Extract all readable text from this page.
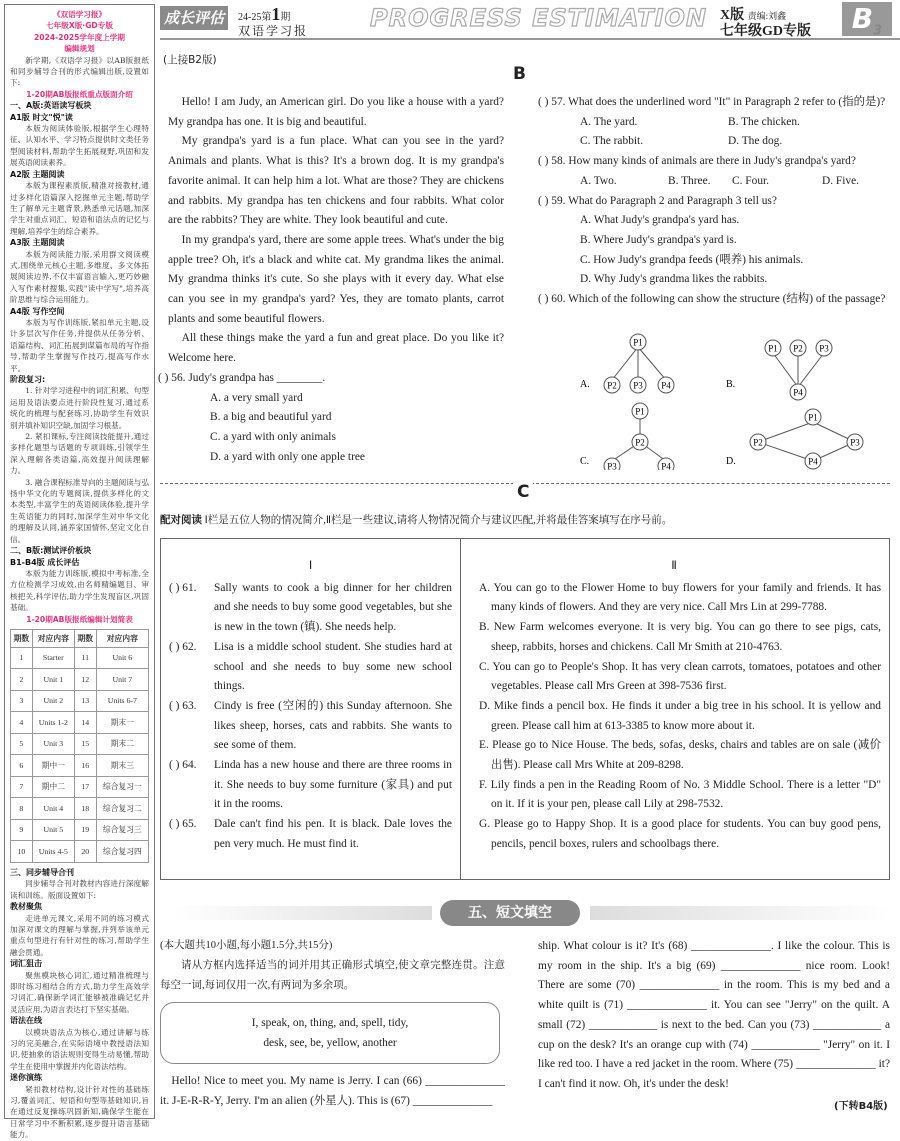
《双语学习报》
七年级X版·GD专版
2024-2025学年度上学期
编辑规划

新学期,《双语学习报》以AB版报纸和同步辅导合刊的形式编辑出版,设置如下:

1-20期AB版报纸重点版面介绍
一、A版:英语读写板块
A1版 时文"悦"读

本版为阅读体验版,根据学生心理特征、认知水平、学习特点提供时文类任务型阅读材料,帮助学生拓展视野,巩固和发展英语阅读素养。

A2版 主题阅读

本版为课程素质版,精准对接教材,通过多样化语篇深入挖掘单元主题,帮助学生了解单元主题背景,熟悉单元话题,加深学生对重点词汇、短语和语法点的记忆与理解,培养学生的综合素养。

A3版 主题阅读

本版为阅读能力版,采用群文阅读模式,围绕单元核心主题,多维度、多文体拓展阅读边界,不仅丰富语言输入,更巧妙融入写作素材搜集,实践"读中学写",培养高阶思维与综合运用能力。

A4版 写作空间

本版为写作训练版,紧扣单元主题,设计多层次写作任务,并提供从任务分析、语篇结构、词汇拓展到谋篇布局的写作指导,帮助学生掌握写作技巧,提高写作水平。

阶段复习:

1. 针对学习进程中的词汇积累、句型运用及语法要点进行阶段性复习,通过系统化的梳理与配套练习,协助学生有效识别并填补知识空缺,加固学习根基。

2. 紧扣课标,专注阅读技能提升,通过多样化题型与话题的专项训练,引领学生深入理解各类语篇,高效提升阅读理解力。

3. 融合课程标准导向的主题阅读与弘扬中华文化的专题阅读,提供多样化的文本类型,丰富学生的英语阅读体验,提升学生英语能力的同时,加深学生对中华文化的理解及认同,涵养家国情怀,坚定文化自信。

二、B版:测试评价板块
B1-B4版 成长评估

本版为能力训练版,模拟中考标准,全方位检测学习成效,由名师精编题目、审核把关,科学评估,助力学生发现盲区,巩固基础。

1-20期AB版报纸编辑计划简表
期数	对应内容	期数	对应内容
1	Starter	11	Unit 6
2	Unit 1	12	Unit 7
3	Unit 2	13	Units 6-7
4	Units 1-2	14	期末一
5	Unit 3	15	期末二
6	期中一	16	期末三
7	期中二	17	综合复习一
8	Unit 4	18	综合复习二
9	Unit 5	19	综合复习三
10	Units 4-5	20	综合复习四
三、同步辅导合刊

同步辅导合刊对教材内容进行深度解读和训练。版面设置如下:

教材聚焦

走进单元课文,采用不同的练习模式加深对课文的理解与掌握,并列举该单元重点句型进行有针对性的练习,帮助学生融会贯通。

词汇狙击

聚焦模块核心词汇,通过精准梳理与即时练习相结合的方式,助力学生高效学习词汇,确保新学词汇能够被准确记忆并灵活应用,为语言表达打下坚实基础。

语法在线

以模块语法点为核心,通过讲解与练习的完美融合,在实际语境中教授语法知识,使抽象的语法规则变得生动易懂,帮助学生在使用中掌握并内化语法结构。

迷你演练

紧扣教材结构,设计针对性的基础练习,覆盖词汇、短语和句型等基础知识,旨在通过反复操练巩固新知,确保学生能在日常学习中不断积累,逐步提升语言基础能力。

成长评估	24-25第1期
双语学习报	PROGRESS ESTIMATION X版 责编:刘鑫
七年级GD专版	$B_3$
(上接B2版)
B

Hello! I am Judy, an American girl. Do you like a house with a yard? My grandpa has one. It is big and beautiful.

My grandpa's yard is a fun place. What can you see in the yard? Animals and plants. What is this? It's a brown dog. It is my grandpa's favorite animal. It can help him a lot. What are those? They are chickens and rabbits. My grandpa has ten chickens and four rabbits. What color are the rabbits? They are white. They look beautiful and cute.

In my grandpa's yard, there are some apple trees. What's under the big apple tree? Oh, it's a black and white cat. My grandma likes the animal. My grandma thinks it's cute. So she plays with it every day. What else can you see in my grandpa's yard? Yes, they are tomato plants, carrot plants and some beautiful flowers.

All these things make the yard a fun and great place. Do you like it? Welcome here.

( ) 56. Judy's grandpa has ________.
A. a very small yard
B. a big and beautiful yard
C. a yard with only animals
D. a yard with only one apple tree
( ) 57. What does the underlined word "It" in Paragraph 2 refer to (指的是)?
A. The yard.	B. The chicken.
C. The rabbit.	D. The dog.
( ) 58. How many kinds of animals are there in Judy's grandpa's yard?
A. Two.	B. Three.	C. Four.	D. Five.
( ) 59. What do Paragraph 2 and Paragraph 3 tell us?
A. What Judy's grandpa's yard has.
B. Where Judy's grandpa's yard is.
C. How Judy's grandpa feeds (喂养) his animals.
D. Why Judy's grandma likes the rabbits.
( ) 60. Which of the following can show the structure (结构) of the passage?
A.	B.
C.	D.
P1
P2 P3 P4
P1 P2 P3
P4
P1
P2
P3	P4
P1
P2	P3
P4
C
配对阅读 Ⅰ栏是五位人物的情况简介,Ⅱ栏是一些建议,请将人物情况简介与建议匹配,并将最佳答案填写在序号前。
Ⅰ
( ) 61.	Sally wants to cook a big dinner for her children and she needs to buy some good vegetables, but she is new in the town (镇). She needs help.
( ) 62.	Lisa is a middle school student. She studies hard at school and she needs to buy some new school things.
( ) 63.	Cindy is free (空闲的) this Sunday afternoon. She likes sheep, horses, cats and rabbits. She wants to see some of them.
( ) 64.	Linda has a new house and there are three rooms in it. She needs to buy some furniture (家具) and put it in the rooms.
( ) 65.	Dale can't find his pen. It is black. Dale loves the pen very much. He must find it.
Ⅱ
A. You can go to the Flower Home to buy flowers for your family and friends. It has many kinds of flowers. And they are very nice. Call Mrs Lin at 299-7788.
B. New Farm welcomes everyone. It is very big. You can go there to see pigs, cats, sheep, rabbits, horses and chickens. Call Mr Smith at 210-4763.
C. You can go to People's Shop. It has very clean carrots, tomatoes, potatoes and other vegetables. Please call Mrs Green at 398-7536 first.
D. Mike finds a pencil box. He finds it under a big tree in his school. It is yellow and green. Please call him at 613-3385 to know more about it.
E. Please go to Nice House. The beds, sofas, desks, chairs and tables are on sale (减价出售). Please call Mrs White at 209-8298.
F. Lily finds a pen in the Reading Room of No. 3 Middle School. There is a letter "D" on it. If it is your pen, please call Lily at 298-7532.
G. Please go to Happy Shop. It is a good place for students. You can buy good pens, pencils, pencil boxes, rulers and schoolbags there.
五、短文填空
(本大题共10小题,每小题1.5分,共15分)
请从方框内选择适当的词并用其正确形式填空,使文章完整连贯。注意每空一词,每词仅用一次,有两词为多余项。
I, speak, on, thing, and, spell, tidy,
desk, see, be, yellow, another
Hello! Nice to meet you. My name is Jerry. I can (66) ______________ it. J-E-R-R-Y, Jerry. I'm an alien (外星人). This is (67) ______________
ship. What colour is it? It's (68) ______________. I like the colour. This is my room in the ship. It's a big (69) ______________ nice room. Look! There are some (70) ______________ in the room. This is my bed and a white quilt is (71) ______________ it. You can see "Jerry" on the quilt. A small (72) ____________ is next to the bed. Can you (73) ____________ a cup on the desk? It's an orange cup with (74) ____________ "Jerry" on it. I like red too. I have a red jacket in the room. Where (75) ______________ it? I can't find it now. Oh, it's under the desk!
(下转B4版)
